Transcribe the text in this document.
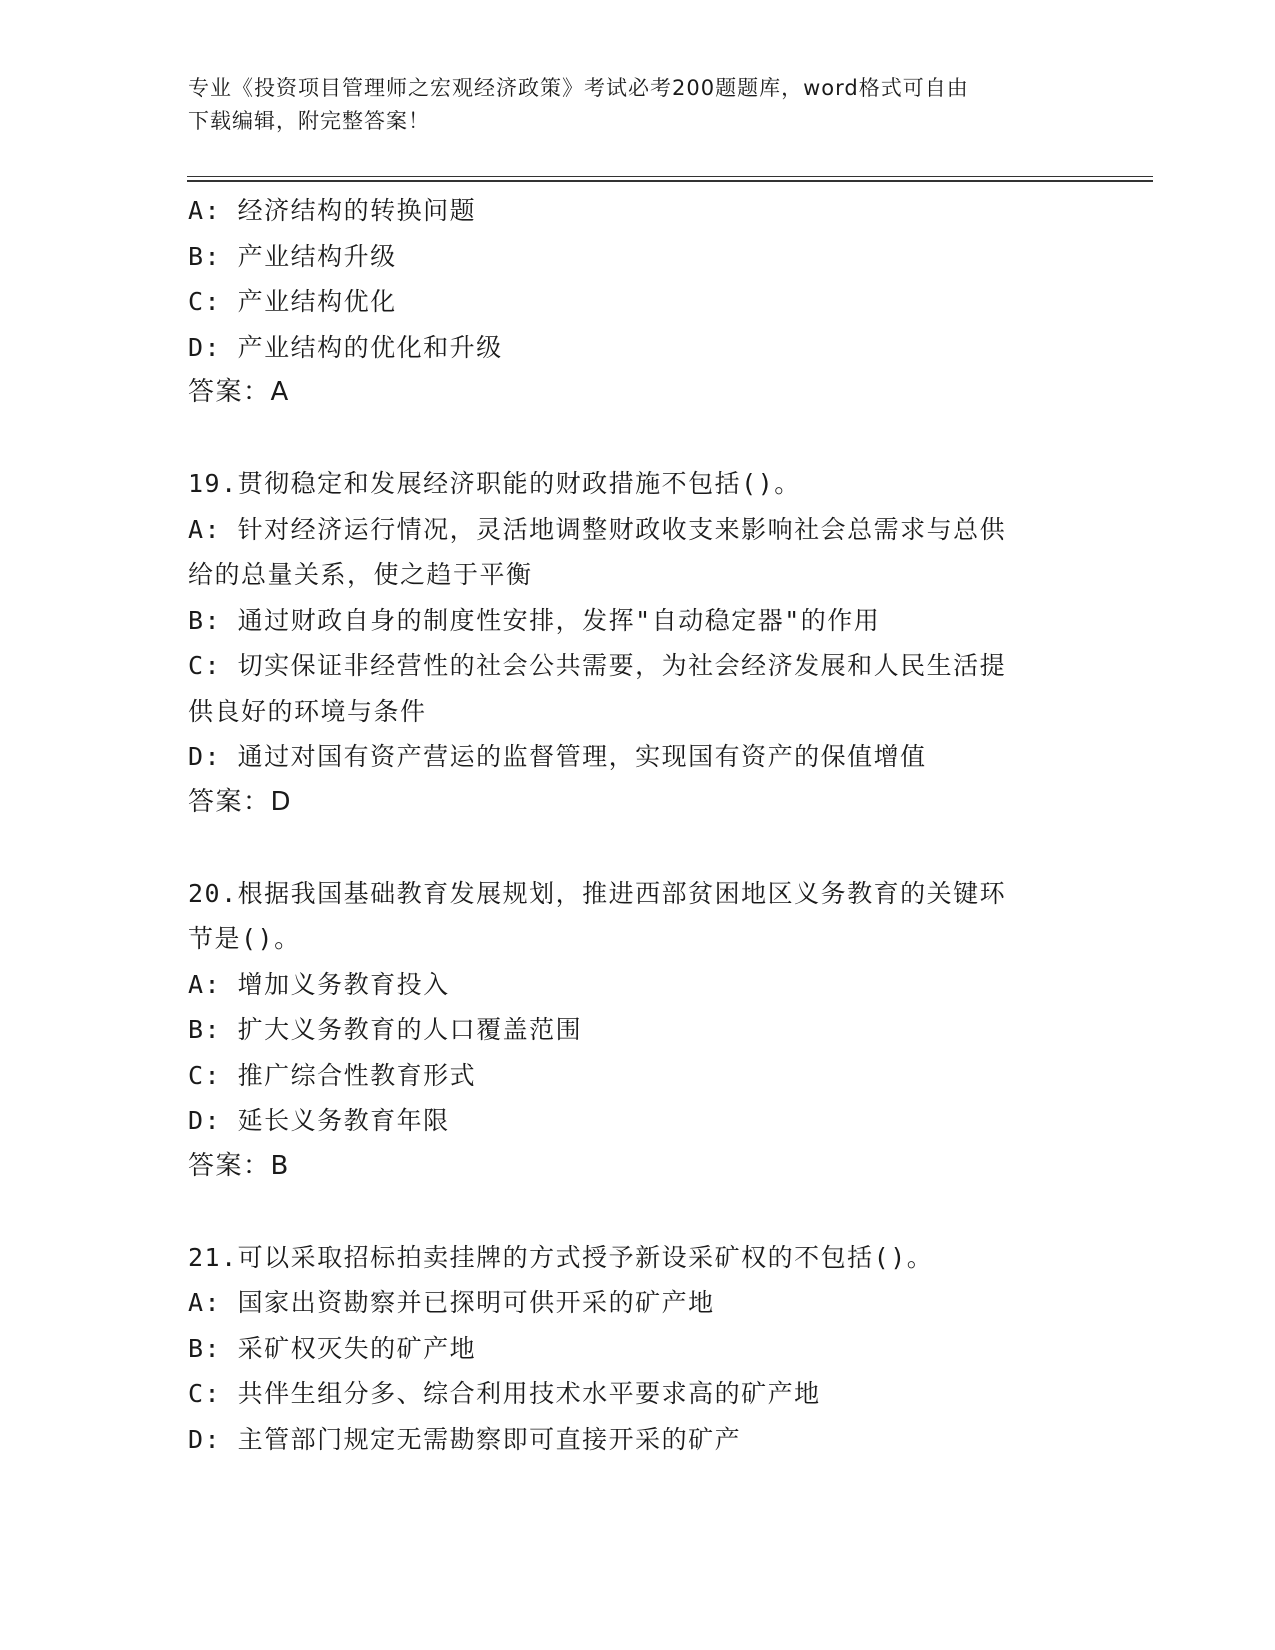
专业《投资项目管理师之宏观经济政策》考试必考200题题库，word格式可自由
下载编辑，附完整答案！
A: 经济结构的转换问题
B: 产业结构升级
C: 产业结构优化
D: 产业结构的优化和升级
答案：A
19.贯彻稳定和发展经济职能的财政措施不包括()。
A: 针对经济运行情况，灵活地调整财政收支来影响社会总需求与总供
给的总量关系，使之趋于平衡
B: 通过财政自身的制度性安排，发挥"自动稳定器"的作用
C: 切实保证非经营性的社会公共需要，为社会经济发展和人民生活提
供良好的环境与条件
D: 通过对国有资产营运的监督管理，实现国有资产的保值增值
答案：D
20.根据我国基础教育发展规划，推进西部贫困地区义务教育的关键环
节是()。
A: 增加义务教育投入
B: 扩大义务教育的人口覆盖范围
C: 推广综合性教育形式
D: 延长义务教育年限
答案：B
21.可以采取招标拍卖挂牌的方式授予新设采矿权的不包括()。
A: 国家出资勘察并已探明可供开采的矿产地
B: 采矿权灭失的矿产地
C: 共伴生组分多、综合利用技术水平要求高的矿产地
D: 主管部门规定无需勘察即可直接开采的矿产
